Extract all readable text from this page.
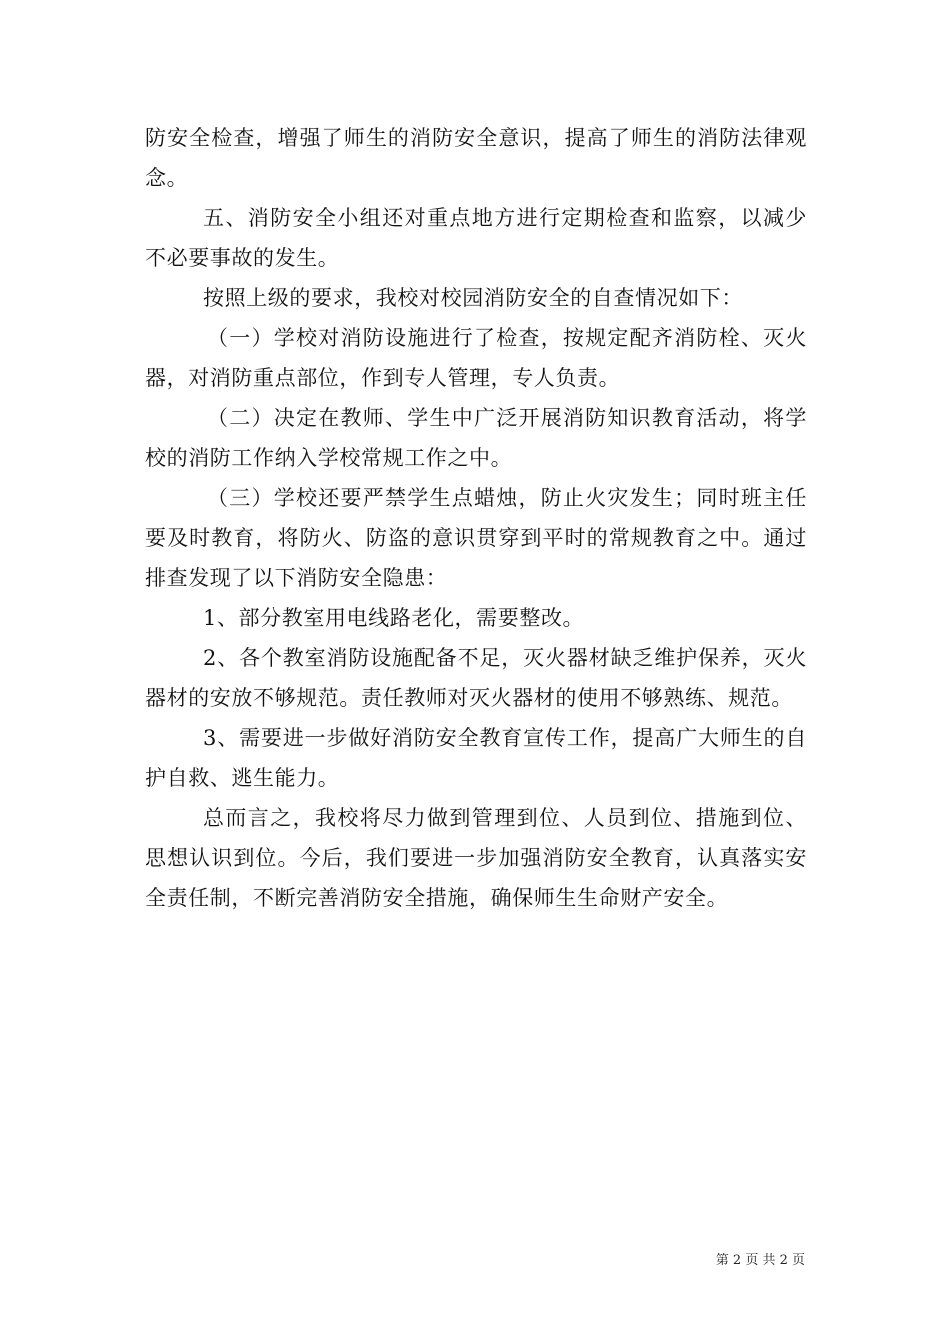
防安全检查，增强了师生的消防安全意识，提高了师生的消防法律观念。

五、消防安全小组还对重点地方进行定期检查和监察，以减少不必要事故的发生。

按照上级的要求，我校对校园消防安全的自查情况如下：

（一）学校对消防设施进行了检查，按规定配齐消防栓、灭火器，对消防重点部位，作到专人管理，专人负责。

（二）决定在教师、学生中广泛开展消防知识教育活动，将学校的消防工作纳入学校常规工作之中。

（三）学校还要严禁学生点蜡烛，防止火灾发生；同时班主任要及时教育，将防火、防盗的意识贯穿到平时的常规教育之中。通过排查发现了以下消防安全隐患：

1、部分教室用电线路老化，需要整改。

2、各个教室消防设施配备不足，灭火器材缺乏维护保养，灭火器材的安放不够规范。责任教师对灭火器材的使用不够熟练、规范。

3、需要进一步做好消防安全教育宣传工作，提高广大师生的自护自救、逃生能力。

总而言之，我校将尽力做到管理到位、人员到位、措施到位、思想认识到位。今后，我们要进一步加强消防安全教育，认真落实安全责任制，不断完善消防安全措施，确保师生生命财产安全。

第 2 页 共 2 页
